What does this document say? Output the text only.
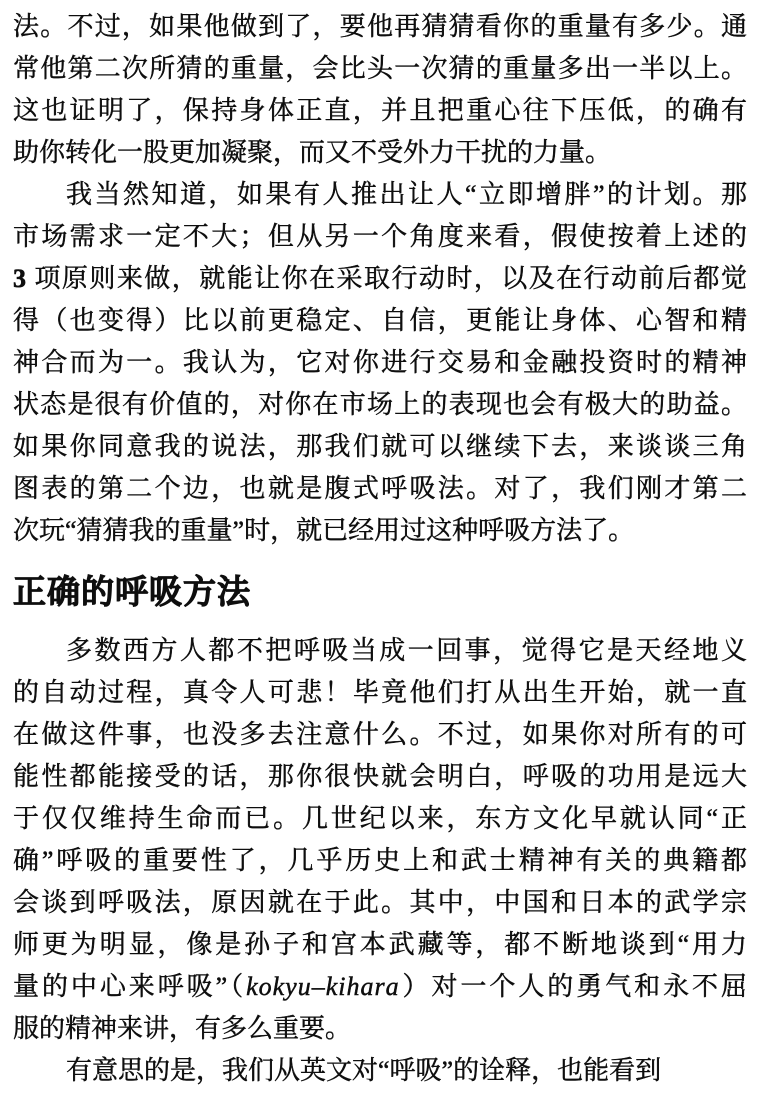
法。不过，如果他做到了，要他再猜猜看你的重量有多少。通
常他第二次所猜的重量，会比头一次猜的重量多出一半以上。
这也证明了，保持身体正直，并且把重心往下压低，的确有
助你转化一股更加凝聚，而又不受外力干扰的力量。
我当然知道，如果有人推出让人“立即增胖”的计划。那
市场需求一定不大；但从另一个角度来看，假使按着上述的
3 项原则来做，就能让你在采取行动时，以及在行动前后都觉
得（也变得）比以前更稳定、自信，更能让身体、心智和精
神合而为一。我认为，它对你进行交易和金融投资时的精神
状态是很有价值的，对你在市场上的表现也会有极大的助益。
如果你同意我的说法，那我们就可以继续下去，来谈谈三角
图表的第二个边，也就是腹式呼吸法。对了，我们刚才第二
次玩“猜猜我的重量”时，就已经用过这种呼吸方法了。
正确的呼吸方法
多数西方人都不把呼吸当成一回事，觉得它是天经地义
的自动过程，真令人可悲！毕竟他们打从出生开始，就一直
在做这件事，也没多去注意什么。不过，如果你对所有的可
能性都能接受的话，那你很快就会明白，呼吸的功用是远大
于仅仅维持生命而已。几世纪以来，东方文化早就认同“正
确”呼吸的重要性了，几乎历史上和武士精神有关的典籍都
会谈到呼吸法，原因就在于此。其中，中国和日本的武学宗
师更为明显，像是孙子和宫本武藏等，都不断地谈到“用力
量的中心来呼吸”（kokyu–kihara）对一个人的勇气和永不屈
服的精神来讲，有多么重要。
有意思的是，我们从英文对“呼吸”的诠释，也能看到
